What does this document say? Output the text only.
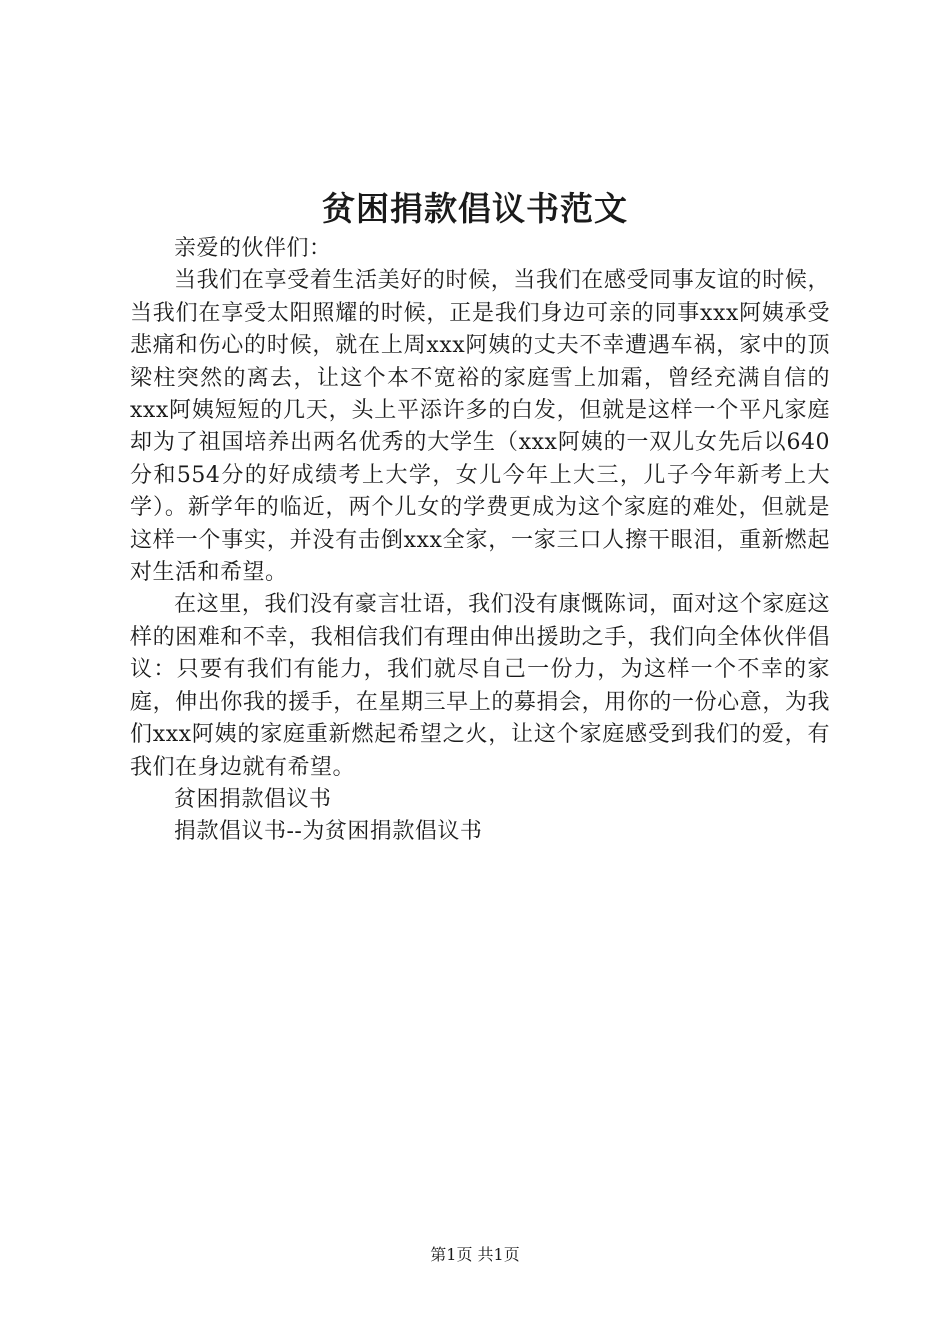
贫困捐款倡议书范文

亲爱的伙伴们：

当我们在享受着生活美好的时候，当我们在感受同事友谊的时候，当我们在享受太阳照耀的时候，正是我们身边可亲的同事xxx阿姨承受悲痛和伤心的时候，就在上周xxx阿姨的丈夫不幸遭遇车祸，家中的顶梁柱突然的离去，让这个本不宽裕的家庭雪上加霜，曾经充满自信的xxx阿姨短短的几天，头上平添许多的白发，但就是这样一个平凡家庭却为了祖国培养出两名优秀的大学生（xxx阿姨的一双儿女先后以640分和554分的好成绩考上大学，女儿今年上大三，儿子今年新考上大学）。新学年的临近，两个儿女的学费更成为这个家庭的难处，但就是这样一个事实，并没有击倒xxx全家，一家三口人擦干眼泪，重新燃起对生活和希望。

在这里，我们没有豪言壮语，我们没有康慨陈词，面对这个家庭这样的困难和不幸，我相信我们有理由伸出援助之手，我们向全体伙伴倡议：只要有我们有能力，我们就尽自己一份力，为这样一个不幸的家庭，伸出你我的援手，在星期三早上的募捐会，用你的一份心意，为我们xxx阿姨的家庭重新燃起希望之火，让这个家庭感受到我们的爱，有我们在身边就有希望。

贫困捐款倡议书

捐款倡议书--为贫困捐款倡议书

第1页 共1页
